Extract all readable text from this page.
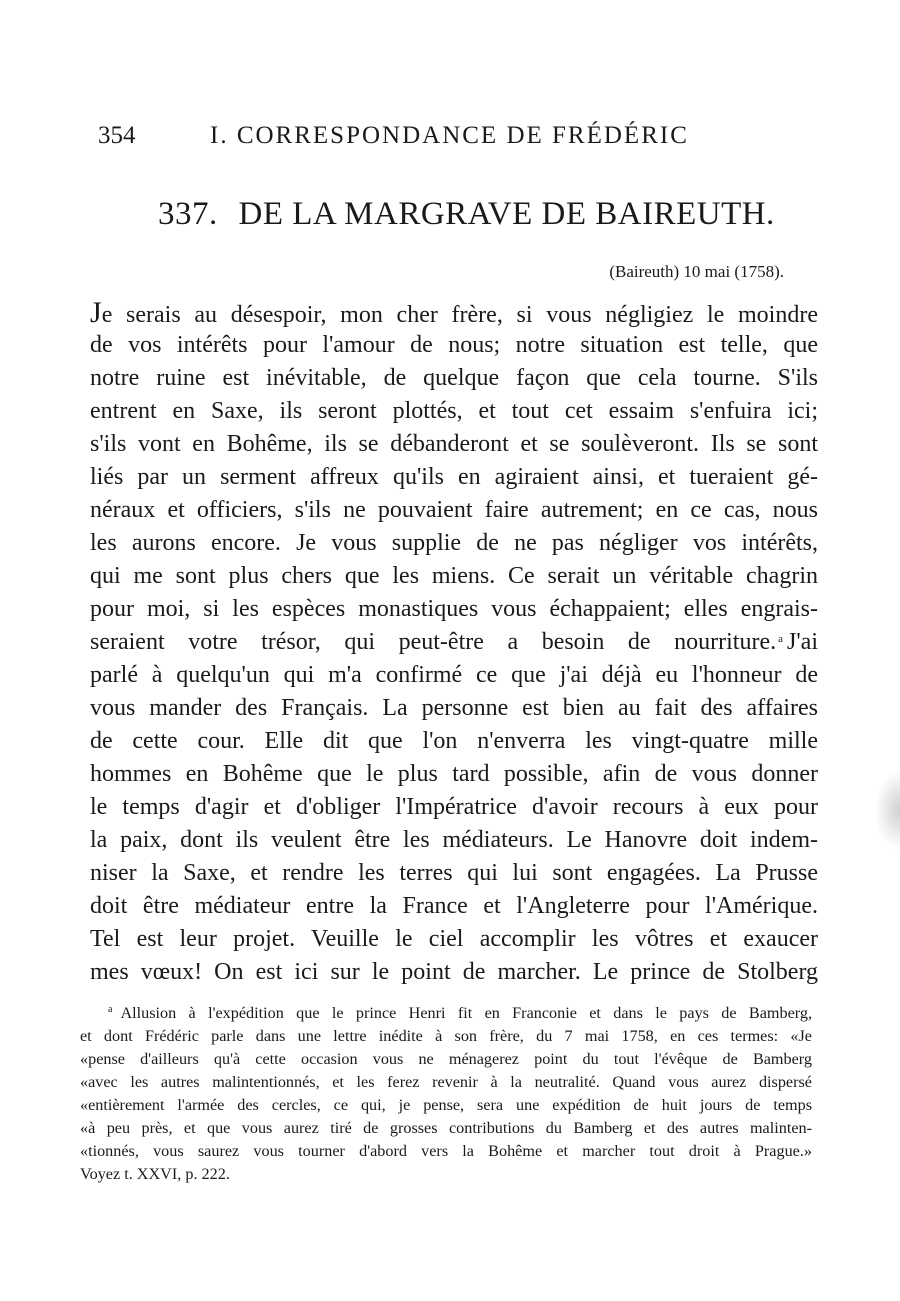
354	I. CORRESPONDANCE DE FRÉDÉRIC
337. DE LA MARGRAVE DE BAIREUTH.
(Baireuth) 10 mai (1758).
Je serais au désespoir, mon cher frère, si vous négligiez le moindre
de vos intérêts pour l'amour de nous; notre situation est telle, que
notre ruine est inévitable, de quelque façon que cela tourne. S'ils
entrent en Saxe, ils seront plottés, et tout cet essaim s'enfuira ici;
s'ils vont en Bohême, ils se débanderont et se soulèveront. Ils se sont
liés par un serment affreux qu'ils en agiraient ainsi, et tueraient gé-
néraux et officiers, s'ils ne pouvaient faire autrement; en ce cas, nous
les aurons encore. Je vous supplie de ne pas négliger vos intérêts,
qui me sont plus chers que les miens. Ce serait un véritable chagrin
pour moi, si les espèces monastiques vous échappaient; elles engrais-
seraient votre trésor, qui peut-être a besoin de nourriture. $^a$ J'ai
parlé à quelqu'un qui m'a confirmé ce que j'ai déjà eu l'honneur de
vous mander des Français. La personne est bien au fait des affaires
de cette cour. Elle dit que l'on n'enverra les vingt-quatre mille
hommes en Bohême que le plus tard possible, afin de vous donner
le temps d'agir et d'obliger l'Impératrice d'avoir recours à eux pour
la paix, dont ils veulent être les médiateurs. Le Hanovre doit indem-
niser la Saxe, et rendre les terres qui lui sont engagées. La Prusse
doit être médiateur entre la France et l'Angleterre pour l'Amérique.
Tel est leur projet. Veuille le ciel accomplir les vôtres et exaucer
mes vœux! On est ici sur le point de marcher. Le prince de Stolberg
$^a$ Allusion à l'expédition que le prince Henri fit en Franconie et dans le pays de Bamberg,
et dont Frédéric parle dans une lettre inédite à son frère, du 7 mai 1758, en ces termes: «Je
«pense d'ailleurs qu'à cette occasion vous ne ménagerez point du tout l'évêque de Bamberg
«avec les autres malintentionnés, et les ferez revenir à la neutralité. Quand vous aurez dispersé
«entièrement l'armée des cercles, ce qui, je pense, sera une expédition de huit jours de temps
«à peu près, et que vous aurez tiré de grosses contributions du Bamberg et des autres malinten-
«tionnés, vous saurez vous tourner d'abord vers la Bohême et marcher tout droit à Prague.»
Voyez t. XXVI, p. 222.
